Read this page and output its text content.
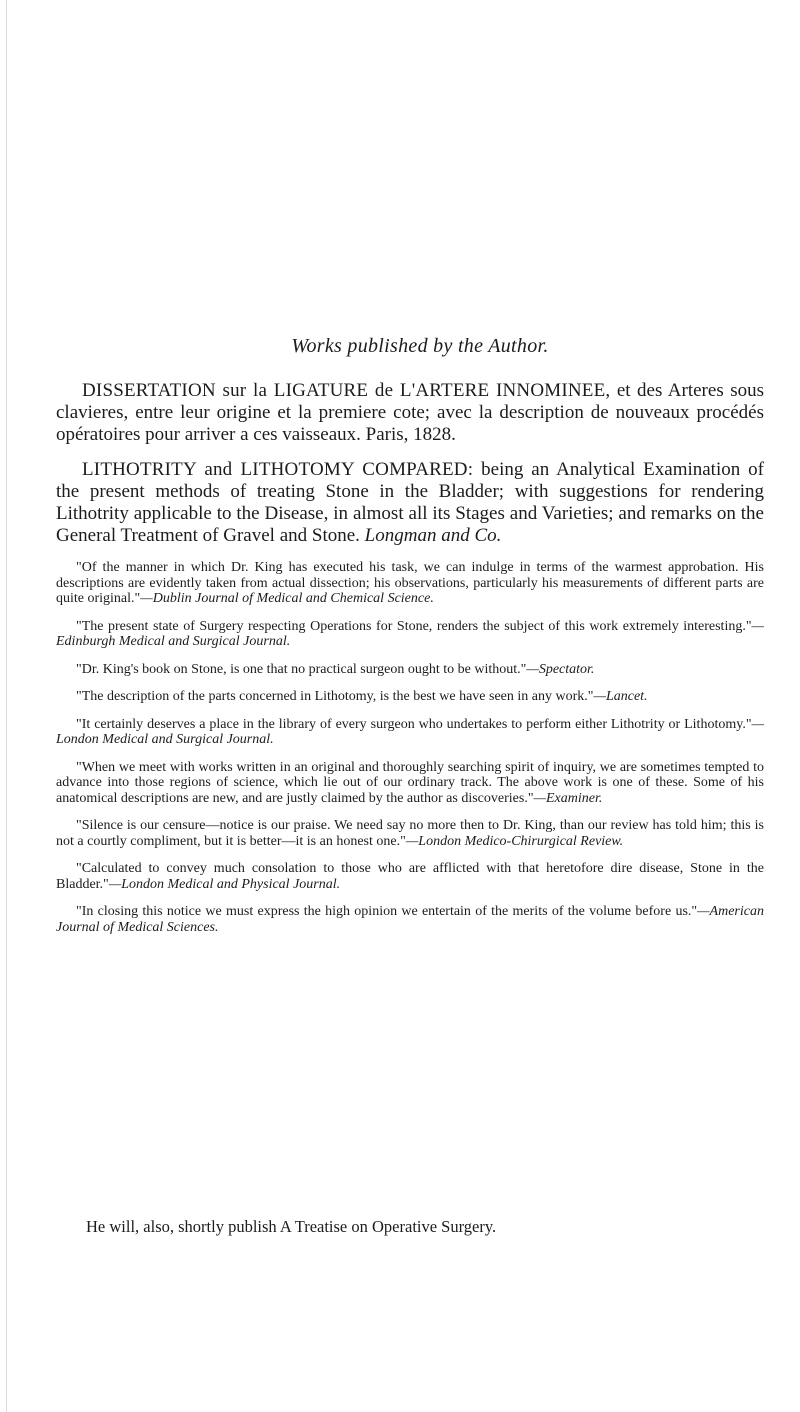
Works published by the Author.

DISSERTATION sur la LIGATURE de L'ARTERE INNOMINEE, et des Arteres sous clavieres, entre leur origine et la premiere cote; avec la description de nouveaux procédés opératoires pour arriver a ces vaisseaux. Paris, 1828.

LITHOTRITY and LITHOTOMY COMPARED: being an Analytical Examination of the present methods of treating Stone in the Bladder; with suggestions for rendering Lithotrity applicable to the Disease, in almost all its Stages and Varieties; and remarks on the General Treatment of Gravel and Stone. Longman and Co.

"Of the manner in which Dr. King has executed his task, we can indulge in terms of the warmest approbation. His descriptions are evidently taken from actual dissection; his observations, particularly his measurements of different parts are quite original."—Dublin Journal of Medical and Chemical Science.

"The present state of Surgery respecting Operations for Stone, renders the subject of this work extremely interesting."—Edinburgh Medical and Surgical Journal.

"Dr. King's book on Stone, is one that no practical surgeon ought to be without."—Spectator.

"The description of the parts concerned in Lithotomy, is the best we have seen in any work."—Lancet.

"It certainly deserves a place in the library of every surgeon who undertakes to perform either Lithotrity or Lithotomy."—London Medical and Surgical Journal.

"When we meet with works written in an original and thoroughly searching spirit of inquiry, we are sometimes tempted to advance into those regions of science, which lie out of our ordinary track. The above work is one of these. Some of his anatomical descriptions are new, and are justly claimed by the author as discoveries."—Examiner.

"Silence is our censure—notice is our praise. We need say no more then to Dr. King, than our review has told him; this is not a courtly compliment, but it is better—it is an honest one."—London Medico-Chirurgical Review.

"Calculated to convey much consolation to those who are afflicted with that heretofore dire disease, Stone in the Bladder."—London Medical and Physical Journal.

"In closing this notice we must express the high opinion we entertain of the merits of the volume before us."—American Journal of Medical Sciences.

He will, also, shortly publish A Treatise on Operative Surgery.
